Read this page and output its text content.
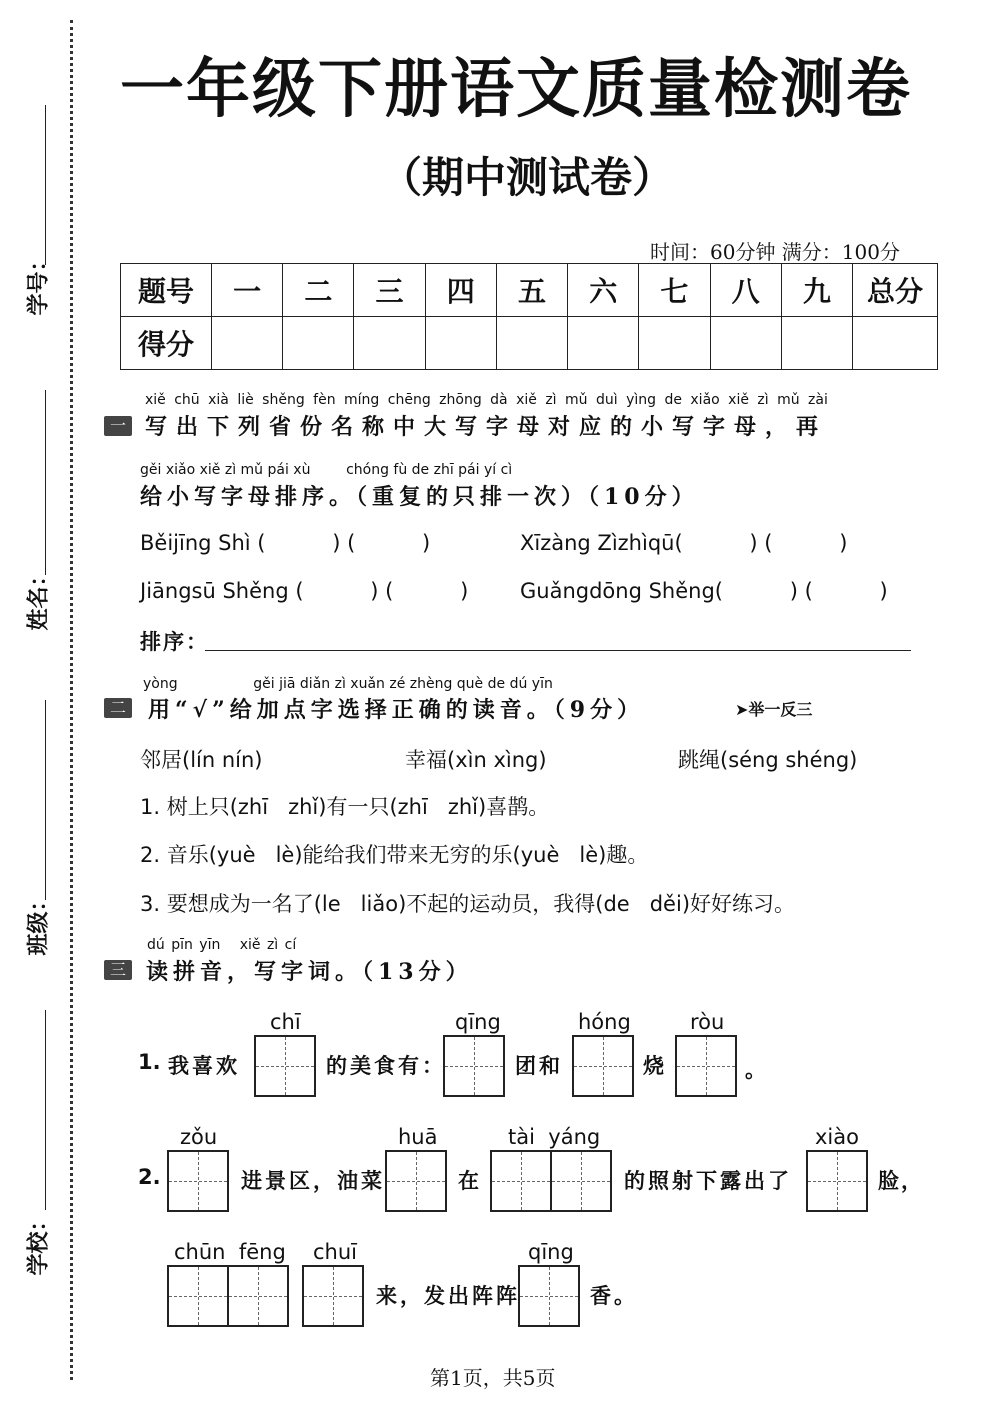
学号：
姓名：
班级：
学校：
一年级下册语文质量检测卷
（期中测试卷）
时间：60分钟 满分：100分
题号	一	二	三	四	五	六	七	八	九	总分
得分										
xiě chū xià liè shěng fèn míng chēng zhōng dà xiě zì mǔ duì yìng de xiǎo xiě zì mǔ zài
一 写出下列省份名称中大写字母对应的小写字母，再
gěi xiǎo xiě zì mǔ pái xù        chóng fù de zhī pái yí cì
给小写字母排序。（重复的只排一次）（10分）
Běijīng Shì (          ) (          )	Xīzàng Zìzhìqū(          ) (          )
Jiāngsū Shěng (          ) (          ) Guǎngdōng Shěng(          ) (          )
排序：
yòng                 gěi jiā diǎn zì xuǎn zé zhèng què de dú yīn
二 用“√”给加点字选择正确的读音。（9分）	➤举一反三
邻居(lín nín)	幸福(xìn xìng)	跳绳(séng shéng)
1. 树上只(zhī   zhǐ)有一只(zhī   zhǐ)喜鹊。
2. 音乐(yuè   lè)能给我们带来无穷的乐(yuè   lè)趣。
3. 要想成为一名了(le   liǎo)不起的运动员，我得(de   děi)好好练习。
dú pīn yīn   xiě zì cí
三 读拼音，写字词。（13分）
chī	qīng	hóng	ròu
1. 我喜欢	的美食有：	团和	烧	。
zǒu	huā	tài  yáng	xiào
2.	进景区，油菜	在	的照射下露出了	脸，
chūn  fēng chuī	qīng
来，发出阵阵	香。
第1页，共5页
